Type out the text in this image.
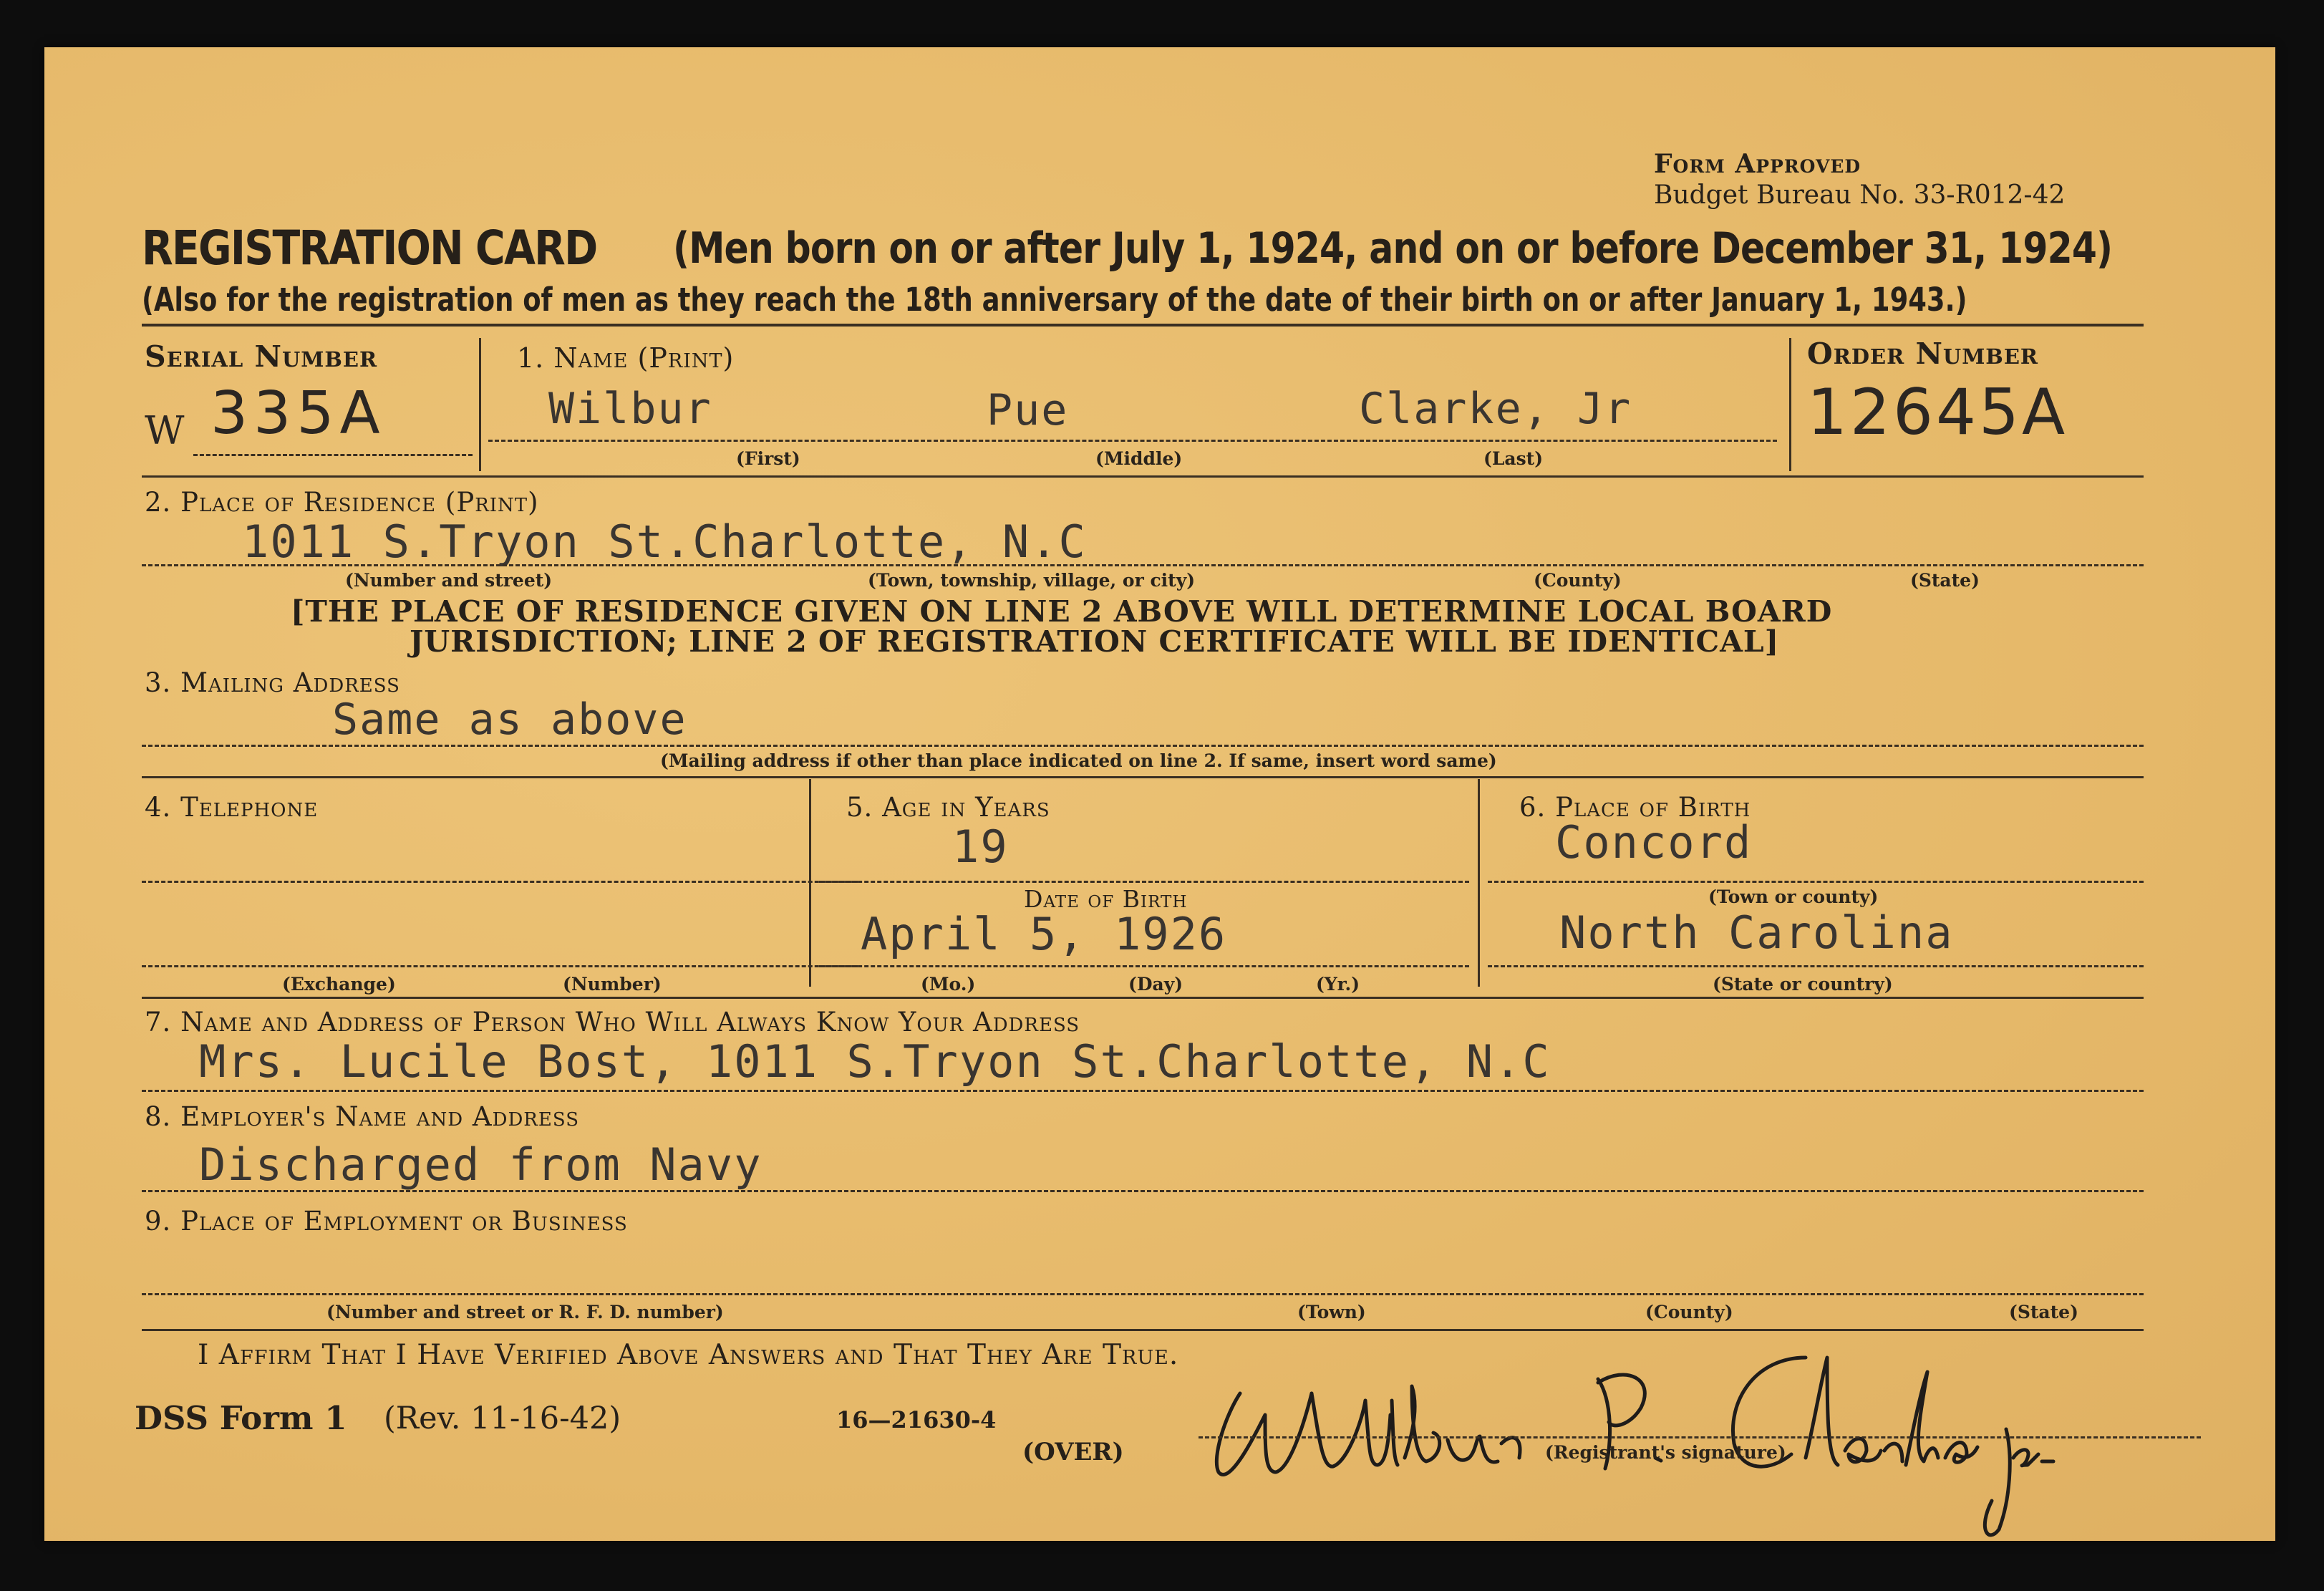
Form Approved
Budget Bureau No. 33-R012-42
REGISTRATION CARD (Men born on or after July 1, 1924, and on or before December 31, 1924)
(Also for the registration of men as they reach the 18th anniversary of the date of their birth on or after January 1, 1943.)
Serial Number
W 335A
1. Name (Print)
Wilbur	Pue	Clarke, Jr
(First)	(Middle)	(Last)
Order Number
12645A
2. Place of Residence (Print)
1011 S.Tryon St.Charlotte, N.C
(Number and street)	(Town, township, village, or city)	(County)	(State)
[THE PLACE OF RESIDENCE GIVEN ON LINE 2 ABOVE WILL DETERMINE LOCAL BOARD
JURISDICTION; LINE 2 OF REGISTRATION CERTIFICATE WILL BE IDENTICAL]
3. Mailing Address
Same as above
(Mailing address if other than place indicated on line 2. If same, insert word same)
4. Telephone
(Exchange)	(Number)
5. Age in Years
19
Date of Birth
April 5, 1926
(Mo.)	(Day)	(Yr.)
6. Place of Birth
Concord
(Town or county)
North Carolina
(State or country)
7. Name and Address of Person Who Will Always Know Your Address
Mrs. Lucile Bost, 1011 S.Tryon St.Charlotte, N.C
8. Employer's Name and Address
Discharged from Navy
9. Place of Employment or Business
(Number and street or R. F. D. number)	(Town)	(County)	(State)
I Affirm That I Have Verified Above Answers and That They Are True.
DSS Form 1 (Rev. 11-16-42)	16—21630-4
(OVER)	(Registrant's signature)
